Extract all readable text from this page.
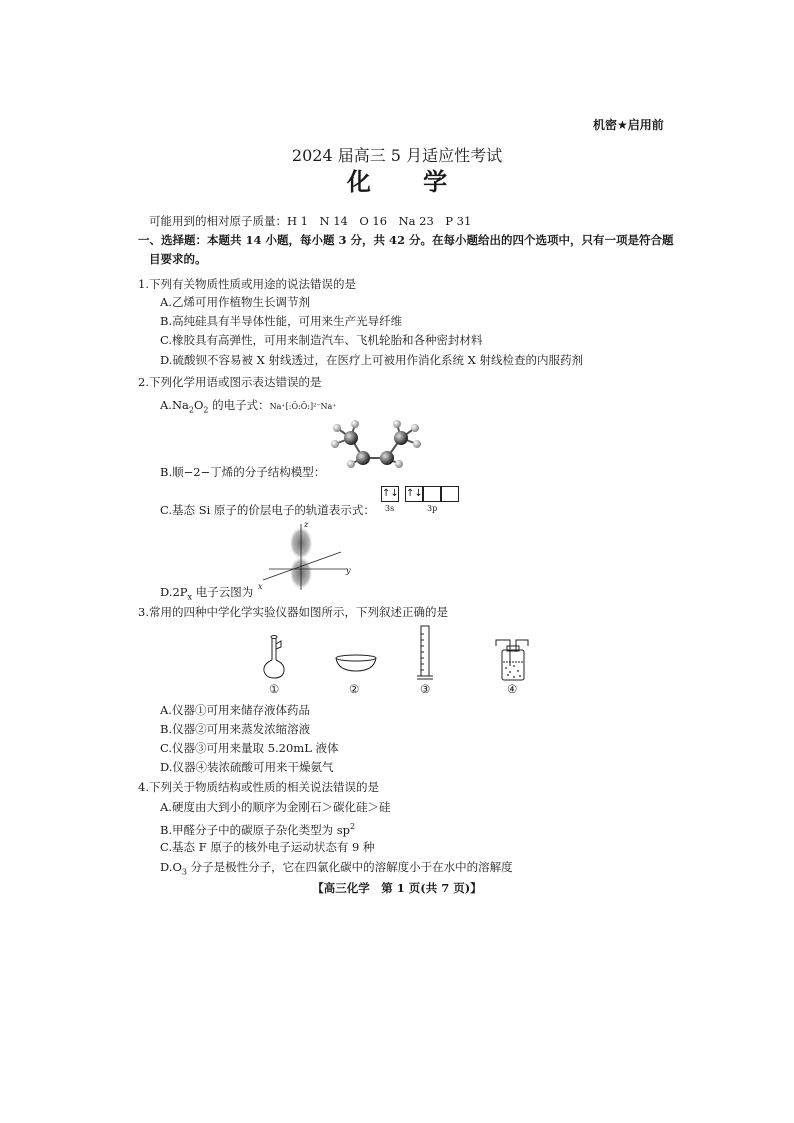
机密★启用前
2024 届高三 5 月适应性考试
化 学
可能用到的相对原子质量：H 1　N 14　O 16　Na 23　P 31
一、选择题：本题共 14 小题，每小题 3 分，共 42 分。在每小题给出的四个选项中，只有一项是符合题
目要求的。
1.下列有关物质性质或用途的说法错误的是
A.乙烯可用作植物生长调节剂
B.高纯硅具有半导体性能，可用来生产光导纤维
C.橡胶具有高弹性，可用来制造汽车、飞机轮胎和各种密封材料
D.硫酸钡不容易被 X 射线透过，在医疗上可被用作消化系统 X 射线检查的内服药剂
2.下列化学用语或图示表达错误的是
$A.Na_2O_2$ 的电子式：Na⁺[:Ö:Ö:]²⁻Na⁺
B.顺−2−丁烯的分子结构模型：
C.基态 Si 原子的价层电子的轨道表示式：
↑↓ ↑↓
3s	3p
z
y
x
$D.2P_x$ 电子云图为
3.常用的四种中学化学实验仪器如图所示，下列叙述正确的是
①	②	③	④
A.仪器①可用来储存液体药品
B.仪器②可用来蒸发浓缩溶液
C.仪器③可用来量取 5.20mL 液体
D.仪器④装浓硫酸可用来干燥氨气
4.下列关于物质结构或性质的相关说法错误的是
A.硬度由大到小的顺序为金刚石＞碳化硅＞硅
B.甲醛分子中的碳原子杂化类型为 $sp^2$
C.基态 F 原子的核外电子运动状态有 9 种
$D.O_3$ 分子是极性分子，它在四氯化碳中的溶解度小于在水中的溶解度
【高三化学　第 1 页(共 7 页)】
